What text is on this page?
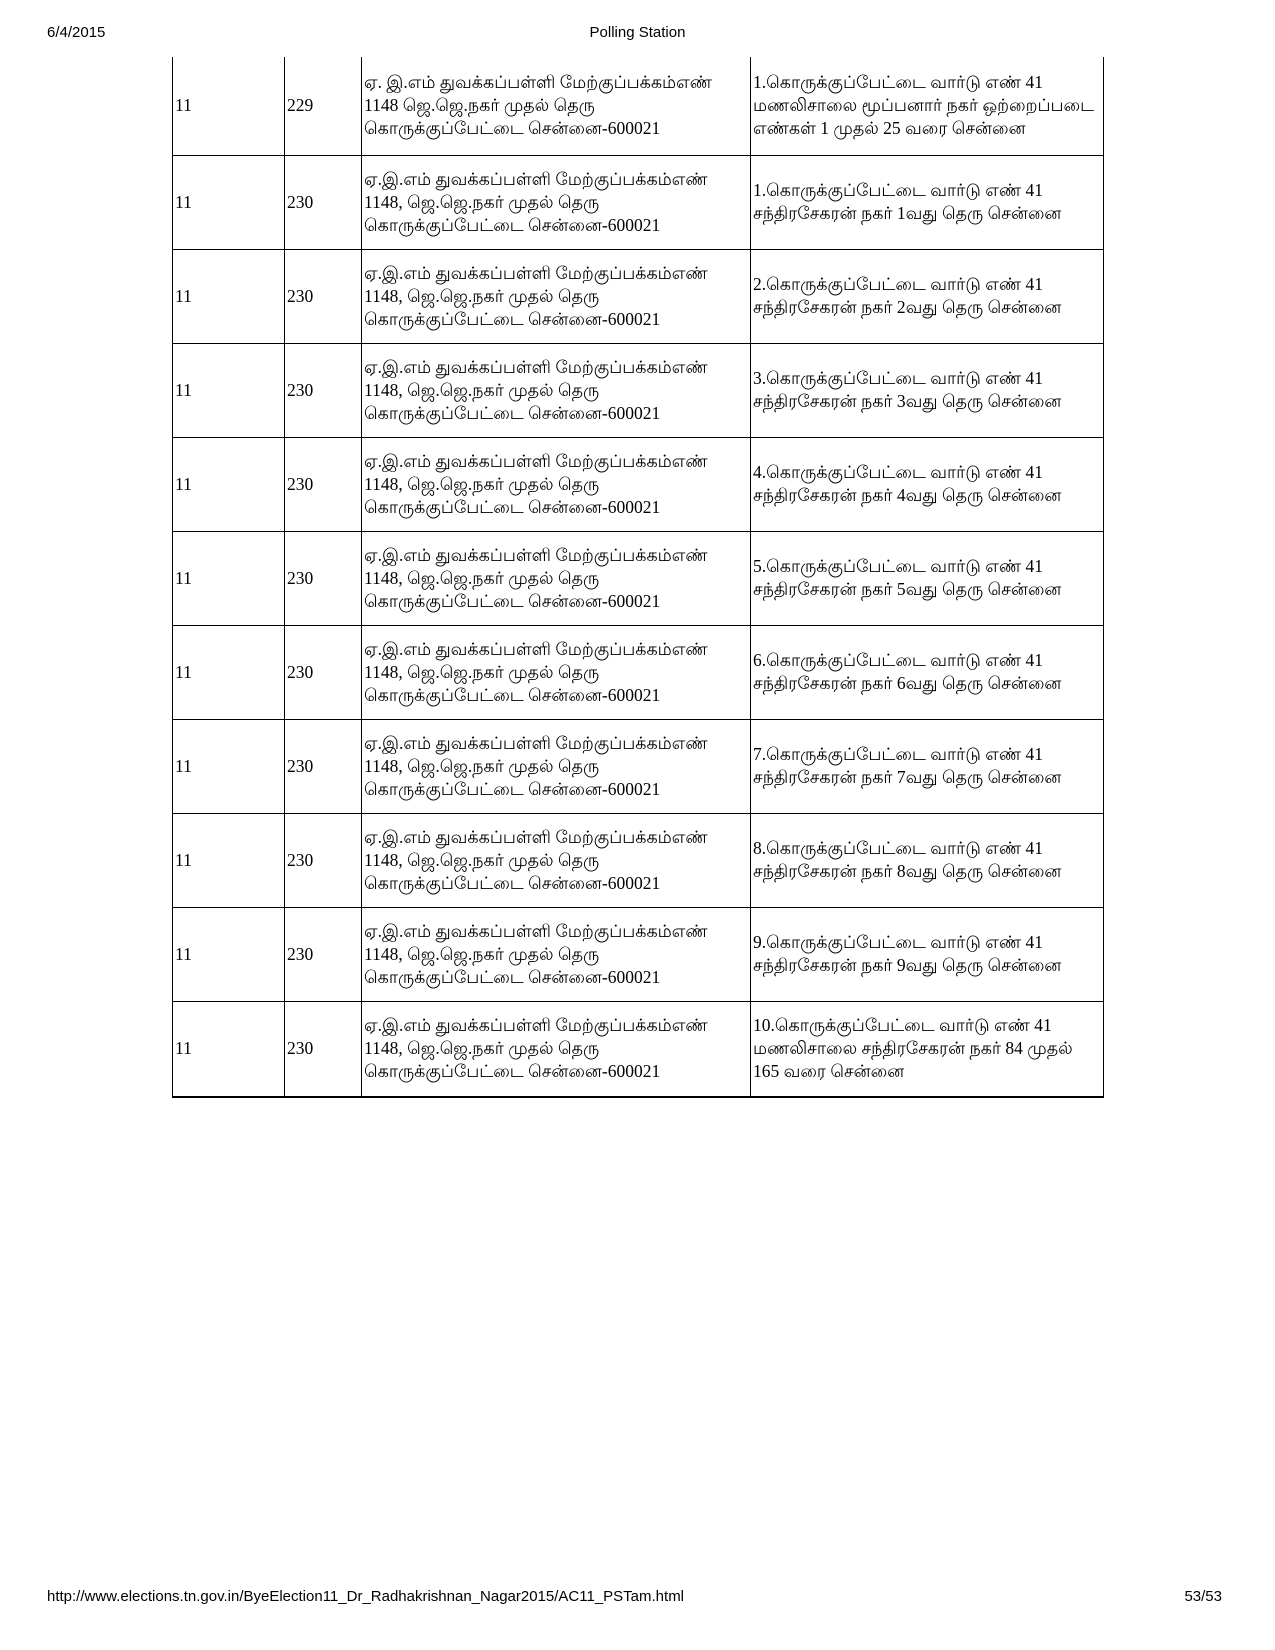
6/4/2015	Polling Station
11	229	ஏ. இ.எம் துவக்கப்பள்ளி மேற்குப்பக்கம்எண் 1148 ஜெ.ஜெ.நகர் முதல் தெரு கொருக்குப்பேட்டை சென்னை-600021	1.கொருக்குப்பேட்டை வார்டு எண் 41 மணலிசாலை மூப்பனார் நகர் ஒற்றைப்படை எண்கள் 1 முதல் 25 வரை சென்னை
11	230	ஏ.இ.எம் துவக்கப்பள்ளி மேற்குப்பக்கம்எண் 1148, ஜெ.ஜெ.நகர் முதல் தெரு கொருக்குப்பேட்டை சென்னை-600021	1.கொருக்குப்பேட்டை வார்டு எண் 41 சந்திரசேகரன் நகர் 1வது தெரு சென்னை
11	230	ஏ.இ.எம் துவக்கப்பள்ளி மேற்குப்பக்கம்எண் 1148, ஜெ.ஜெ.நகர் முதல் தெரு கொருக்குப்பேட்டை சென்னை-600021	2.கொருக்குப்பேட்டை வார்டு எண் 41 சந்திரசேகரன் நகர் 2வது தெரு சென்னை
11	230	ஏ.இ.எம் துவக்கப்பள்ளி மேற்குப்பக்கம்எண் 1148, ஜெ.ஜெ.நகர் முதல் தெரு கொருக்குப்பேட்டை சென்னை-600021	3.கொருக்குப்பேட்டை வார்டு எண் 41 சந்திரசேகரன் நகர் 3வது தெரு சென்னை
11	230	ஏ.இ.எம் துவக்கப்பள்ளி மேற்குப்பக்கம்எண் 1148, ஜெ.ஜெ.நகர் முதல் தெரு கொருக்குப்பேட்டை சென்னை-600021	4.கொருக்குப்பேட்டை வார்டு எண் 41 சந்திரசேகரன் நகர் 4வது தெரு சென்னை
11	230	ஏ.இ.எம் துவக்கப்பள்ளி மேற்குப்பக்கம்எண் 1148, ஜெ.ஜெ.நகர் முதல் தெரு கொருக்குப்பேட்டை சென்னை-600021	5.கொருக்குப்பேட்டை வார்டு எண் 41 சந்திரசேகரன் நகர் 5வது தெரு சென்னை
11	230	ஏ.இ.எம் துவக்கப்பள்ளி மேற்குப்பக்கம்எண் 1148, ஜெ.ஜெ.நகர் முதல் தெரு கொருக்குப்பேட்டை சென்னை-600021	6.கொருக்குப்பேட்டை வார்டு எண் 41 சந்திரசேகரன் நகர் 6வது தெரு சென்னை
11	230	ஏ.இ.எம் துவக்கப்பள்ளி மேற்குப்பக்கம்எண் 1148, ஜெ.ஜெ.நகர் முதல் தெரு கொருக்குப்பேட்டை சென்னை-600021	7.கொருக்குப்பேட்டை வார்டு எண் 41 சந்திரசேகரன் நகர் 7வது தெரு சென்னை
11	230	ஏ.இ.எம் துவக்கப்பள்ளி மேற்குப்பக்கம்எண் 1148, ஜெ.ஜெ.நகர் முதல் தெரு கொருக்குப்பேட்டை சென்னை-600021	8.கொருக்குப்பேட்டை வார்டு எண் 41 சந்திரசேகரன் நகர் 8வது தெரு சென்னை
11	230	ஏ.இ.எம் துவக்கப்பள்ளி மேற்குப்பக்கம்எண் 1148, ஜெ.ஜெ.நகர் முதல் தெரு கொருக்குப்பேட்டை சென்னை-600021	9.கொருக்குப்பேட்டை வார்டு எண் 41 சந்திரசேகரன் நகர் 9வது தெரு சென்னை
11	230	ஏ.இ.எம் துவக்கப்பள்ளி மேற்குப்பக்கம்எண் 1148, ஜெ.ஜெ.நகர் முதல் தெரு கொருக்குப்பேட்டை சென்னை-600021	10.கொருக்குப்பேட்டை வார்டு எண் 41 மணலிசாலை சந்திரசேகரன் நகர் 84 முதல் 165 வரை சென்னை
http://www.elections.tn.gov.in/ByeElection11_Dr_Radhakrishnan_Nagar2015/AC11_PSTam.html	53/53
